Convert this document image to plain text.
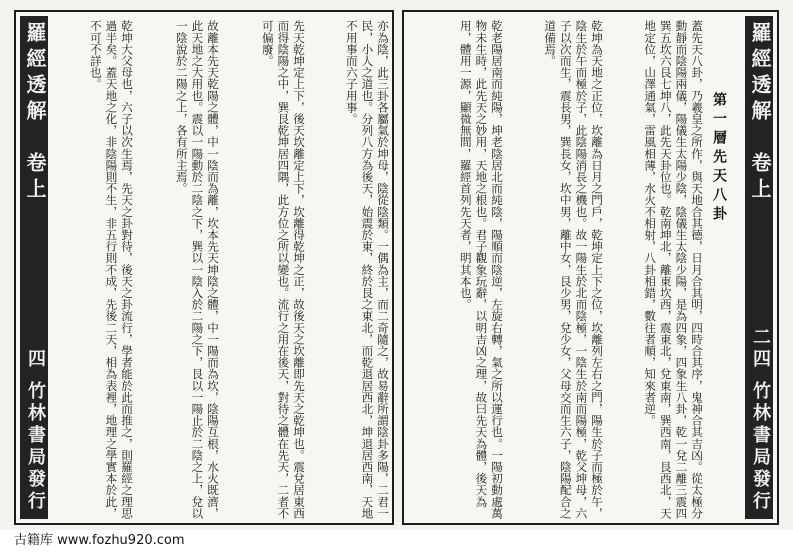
羅經透解　卷上
四 竹林書局發行	乾坤大父母也，六子以次生焉，先天之卦對待，後天之卦流行，學者能於此而推之，則羅經之理思過半矣。蓋天地之化，非陰陽則不生，非五行則不成，先後二天，相為表裡，地理之學實本於此，不可不詳也。	故離本先天乾陽之體，中一陰而為離，坎本先天坤陰之體，中一陽而為坎，陰陽互根，水火既濟，此天地之大用也。震以一陽動於二陰之下，巽以一陰入於二陽之下，艮以一陽止於二陰之上，兌以一陰說於二陽之上，各有所主焉。	先天乾坤定上下，後天坎離定上下，坎離得乾坤之正，故後天之坎離即先天之乾坤也。震兌居東西而得陰陽之中，巽艮乾坤居四隅，此方位之所以變也。流行之用在後天，對待之體在先天，二者不可偏廢。	亦為陰，此三卦各屬氣於坤母，陰從陰類。一偶為主，而二奇隨之，故易辭所謂陰卦多陽，二君一民，小人之道也。分列八方為後天，始震於東，終於艮之東北，而乾退居西北，坤退居西南，天地不用事而六子用事。	羅經透解　卷上
二四 竹林書局發行
第一層先天八卦
乾老陽居南而純陽，坤老陰居北而純陰，陽順而陰逆，左旋右轉，氣之所以運行也。一陽初動處萬物未生時，此先天之妙用，天地之根也。君子觀象玩辭，以明吉凶之理，故曰先天為體，後天為用，體用一源，顯微無間，羅經首列先天者，明其本也。	乾坤為天地之正位，坎離為日月之門戶，乾坤定上下之位，坎離列左右之門，陽生於子而極於午，陰生於午而極於子，此陰陽消長之機也。故一陽生於北而陰極，一陰生於南而陽極，乾父坤母，六子以次而生，震長男，巽長女，坎中男，離中女，艮少男，兌少女，父母交而生六子，陰陽配合之道備焉。	蓋先天八卦，乃羲皇之所作，與天地合其德，日月合其明，四時合其序，鬼神合其吉凶。從太極分動靜而陰陽兩儀，陽儀生太陽少陰，陰儀生太陰少陽，是為四象，四象生八卦，乾一兌二離三震四巽五坎六艮七坤八，此先天卦位也。乾南坤北，離東坎西，震東北，兌東南，巽西南，艮西北，天地定位，山澤通氣，雷風相薄，水火不相射，八卦相錯，數往者順，知來者逆。
古籍库 www.fozhu920.com
